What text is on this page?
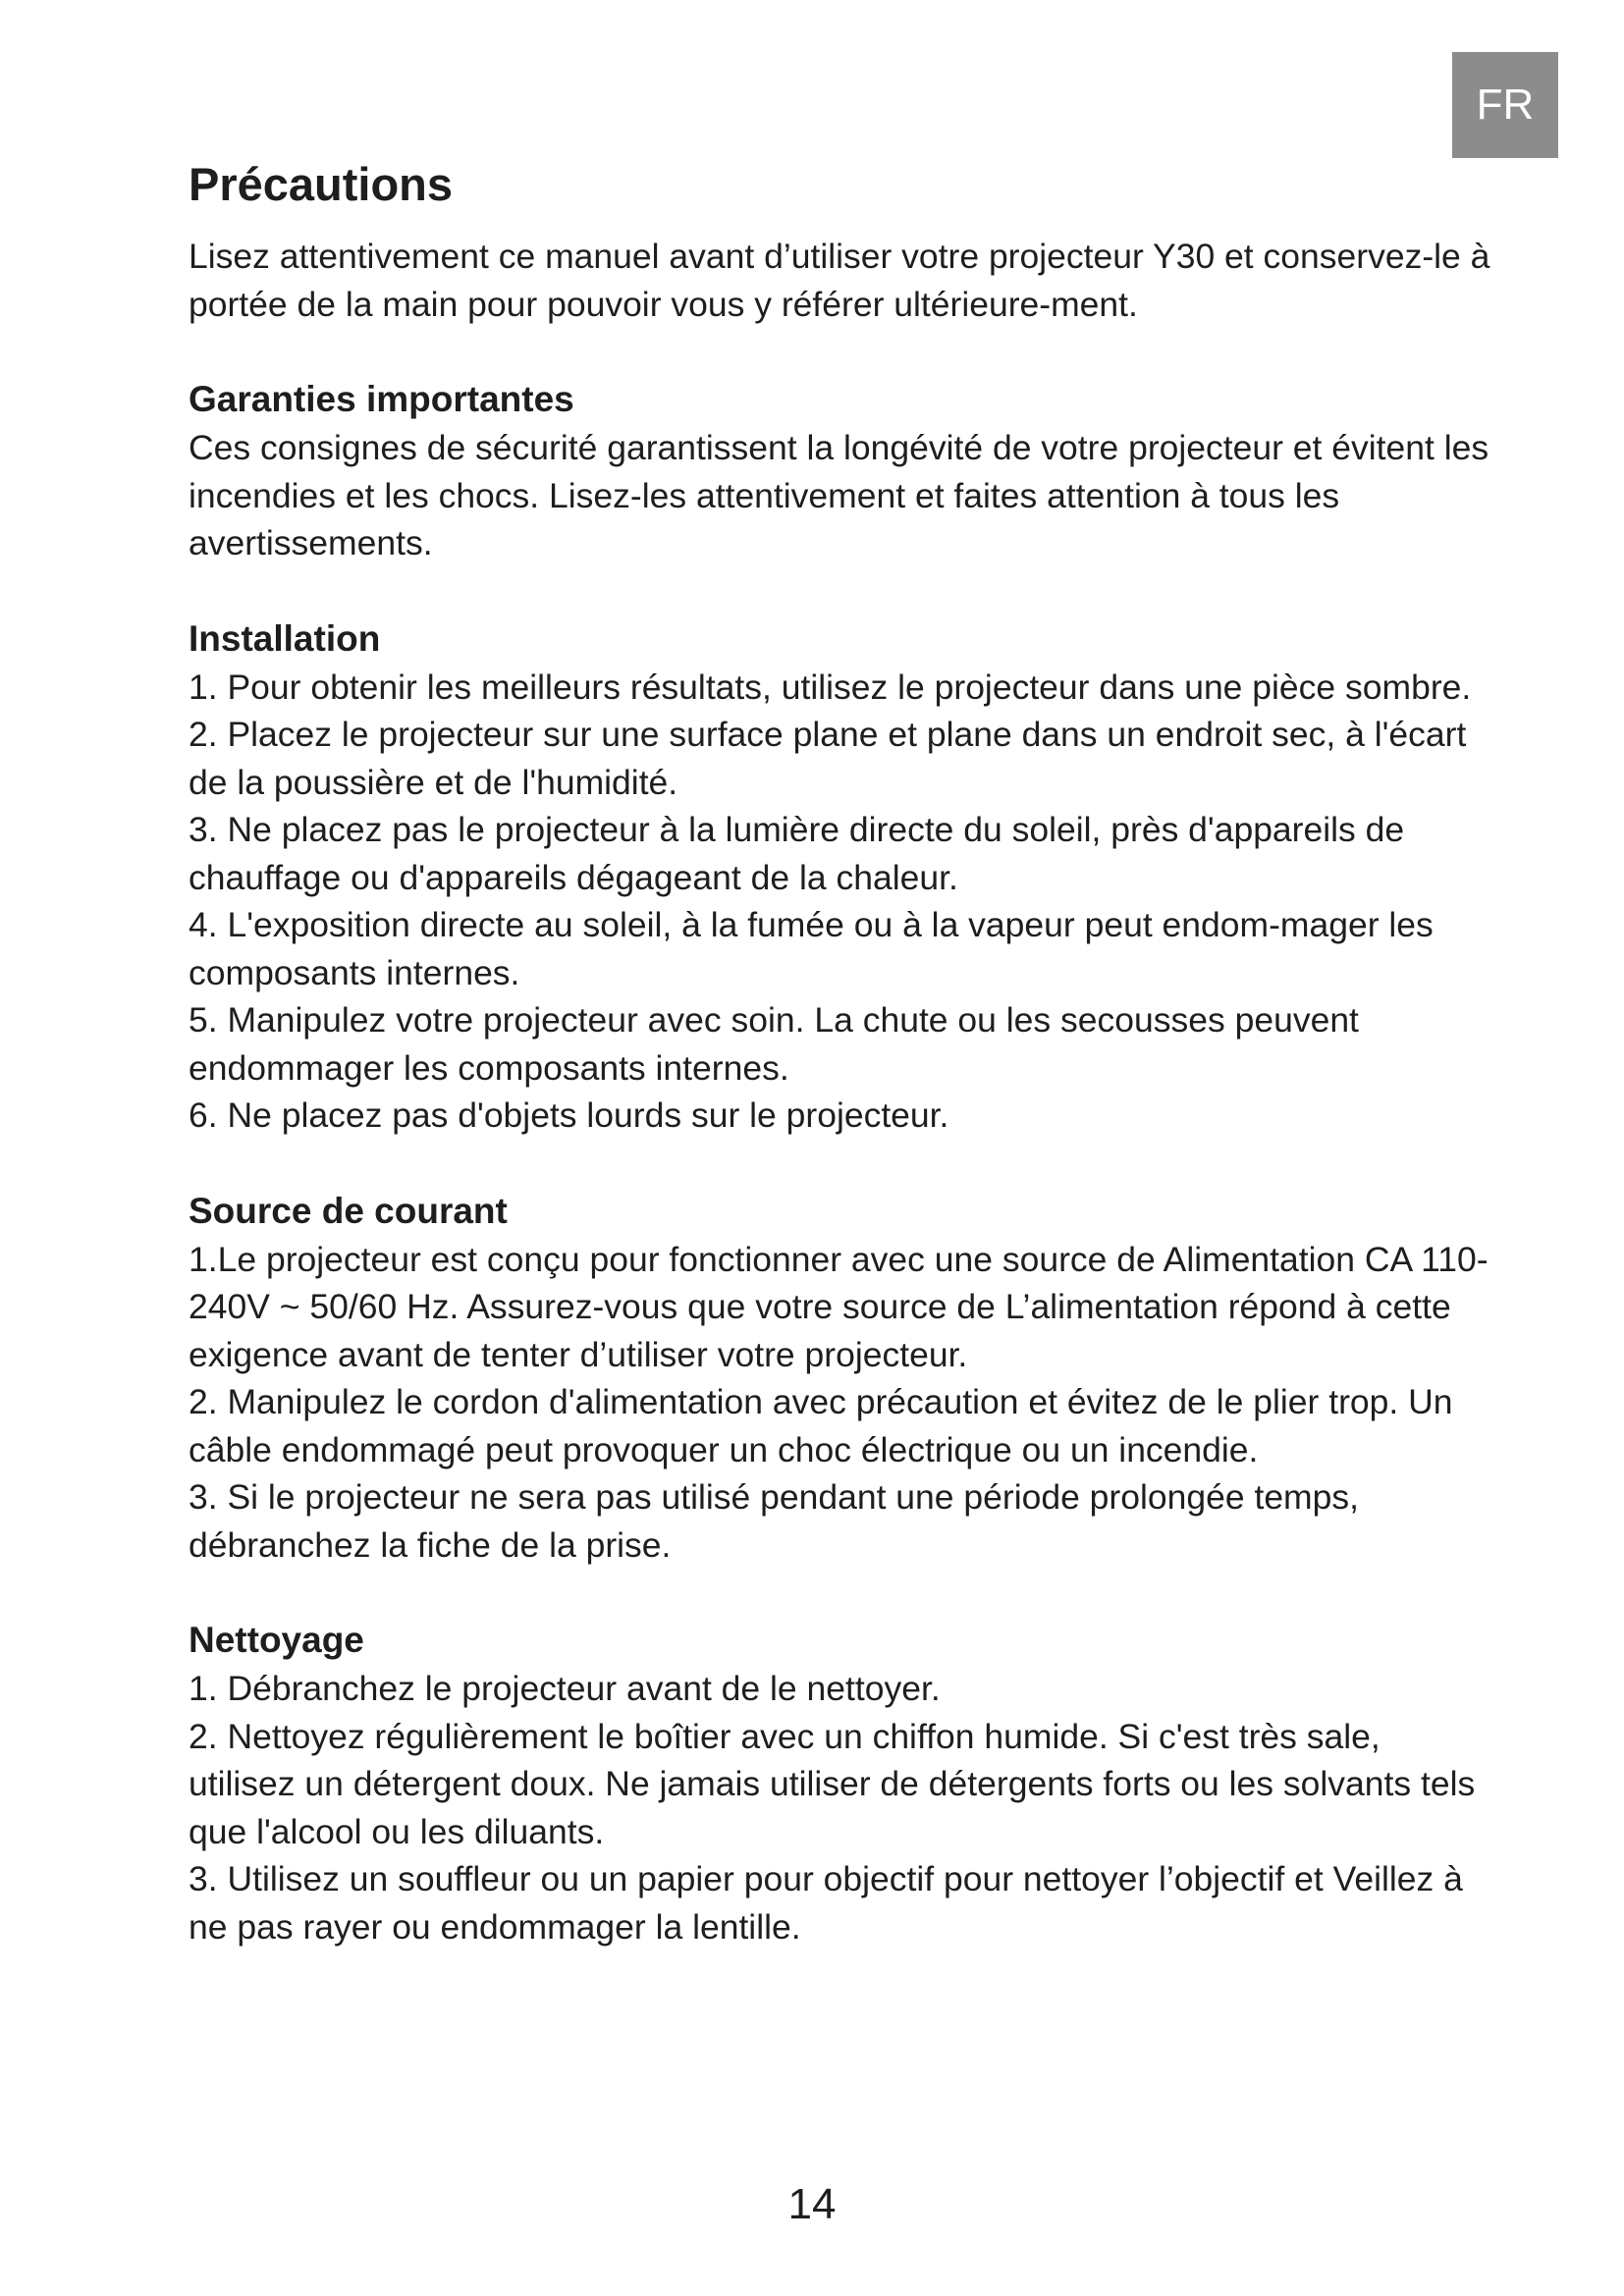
FR
Précautions

Lisez attentivement ce manuel avant d’utiliser votre projecteur Y30 et conservez-le à portée de la main pour pouvoir vous y référer ultérieure-ment.

Garanties importantes

Ces consignes de sécurité garantissent la longévité de votre projecteur et évitent les incendies et les chocs. Lisez-les attentivement et faites attention à tous les avertissements.

Installation

1. Pour obtenir les meilleurs résultats, utilisez le projecteur dans une pièce sombre.

2. Placez le projecteur sur une surface plane et plane dans un endroit sec, à l'écart de la poussière et de l'humidité.

3. Ne placez pas le projecteur à la lumière directe du soleil, près d'appareils de chauffage ou d'appareils dégageant de la chaleur.

4. L'exposition directe au soleil, à la fumée ou à la vapeur peut endom-mager les composants internes.

5. Manipulez votre projecteur avec soin. La chute ou les secousses peuvent endommager les composants internes.

6. Ne placez pas d'objets lourds sur le projecteur.

Source de courant

1.Le projecteur est conçu pour fonctionner avec une source de Alimentation CA 110-240V ~ 50/60 Hz. Assurez-vous que votre source de L’alimentation répond à cette exigence avant de tenter d’utiliser votre projecteur.

2. Manipulez le cordon d'alimentation avec précaution et évitez de le plier trop. Un câble endommagé peut provoquer un choc électrique ou un incendie.

3. Si le projecteur ne sera pas utilisé pendant une période prolongée temps, débranchez la fiche de la prise.

Nettoyage

1. Débranchez le projecteur avant de le nettoyer.

2. Nettoyez régulièrement le boîtier avec un chiffon humide. Si c'est très sale, utilisez un détergent doux. Ne jamais utiliser de détergents forts ou les solvants tels que l'alcool ou les diluants.

3. Utilisez un souffleur ou un papier pour objectif pour nettoyer l’objectif et Veillez à ne pas rayer ou endommager la lentille.

14
